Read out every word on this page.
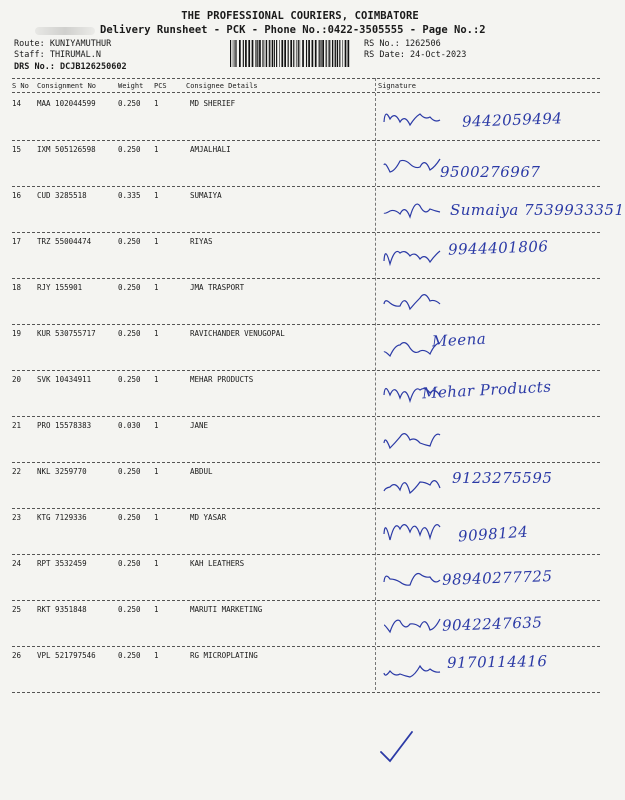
THE PROFESSIONAL COURIERS, COIMBATORE
Delivery Runsheet - PCK - Phone No.:0422-3505555 - Page No.:2
Route: KUNIYAMUTHUR
Staff: THIRUMAL.N
DRS No.: DCJB126250602
RS No.: 1262506
RS Date: 24-Oct-2023
S No Consignment No	Weight PCS	Consignee Details	Signature
14 MAA 102044599	0.250 1	MD SHERIEF
9442059494
15 IXM 505126598	0.250 1	AMJALHALI
9500276967
16 CUD 3285518	0.335 1	SUMAIYA
Sumaiya 7539933351
17 TRZ 55004474	0.250 1	RIYAS	9944401806
18 RJY 155901	0.250 1	JMA TRASPORT
19 KUR 530755717	0.250 1	RAVICHANDER VENUGOPAL	Meena
20 SVK 10434911	0.250 1	MEHAR PRODUCTS	Mehar Products
21 PRO 15578383	0.030 1	JANE
22 NKL 3259770	0.250 1	ABDUL	9123275595
23 KTG 7129336	0.250 1	MD YASAR
9098124
24 RPT 3532459	0.250 1	KAH LEATHERS
98940277725
25 RKT 9351848	0.250 1	MARUTI MARKETING
9042247635
26 VPL 521797546	0.250 1	RG MICROPLATING	9170114416
